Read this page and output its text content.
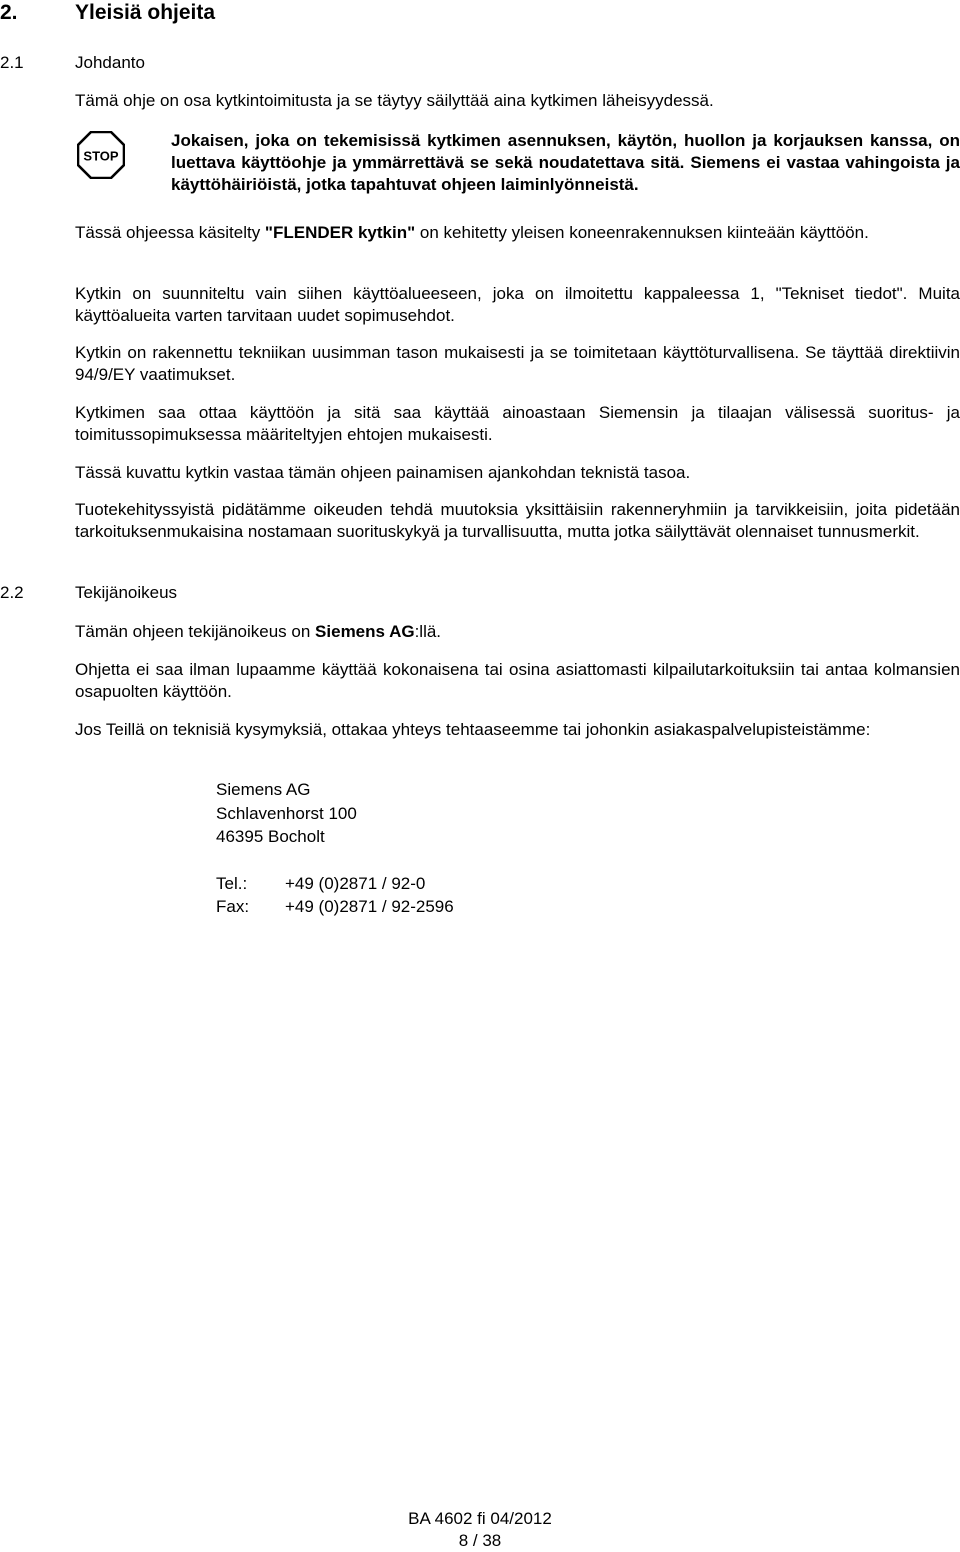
2.	Yleisiä ohjeita
2.1	Johdanto

Tämä ohje on osa kytkintoimitusta ja se täytyy säilyttää aina kytkimen läheisyydessä.

STOP

Jokaisen, joka on tekemisissä kytkimen asennuksen, käytön, huollon ja korjauksen kanssa, on luettava käyttöohje ja ymmärrettävä se sekä noudatettava sitä. Siemens ei vastaa vahingoista ja käyttöhäiriöistä, jotka tapahtuvat ohjeen laiminlyönneistä.

Tässä ohjeessa käsitelty "FLENDER kytkin" on kehitetty yleisen koneenrakennuksen kiinteään käyttöön.

Kytkin on suunniteltu vain siihen käyttöalueeseen, joka on ilmoitettu kappaleessa 1, "Tekniset tiedot". Muita käyttöalueita varten tarvitaan uudet sopimusehdot.

Kytkin on rakennettu tekniikan uusimman tason mukaisesti ja se toimitetaan käyttöturvallisena. Se täyttää direktiivin 94/9/EY vaatimukset.

Kytkimen saa ottaa käyttöön ja sitä saa käyttää ainoastaan Siemensin ja tilaajan välisessä suoritus- ja toimitussopimuksessa määriteltyjen ehtojen mukaisesti.

Tässä kuvattu kytkin vastaa tämän ohjeen painamisen ajankohdan teknistä tasoa.

Tuotekehityssyistä pidätämme oikeuden tehdä muutoksia yksittäisiin rakenneryhmiin ja tarvikkeisiin, joita pidetään tarkoituksenmukaisina nostamaan suorituskykyä ja turvallisuutta, mutta jotka säilyttävät olennaiset tunnusmerkit.

2.2	Tekijänoikeus

Tämän ohjeen tekijänoikeus on Siemens AG:llä.

Ohjetta ei saa ilman lupaamme käyttää kokonaisena tai osina asiattomasti kilpailutarkoituksiin tai antaa kolmansien osapuolten käyttöön.

Jos Teillä on teknisiä kysymyksiä, ottakaa yhteys tehtaaseemme tai johonkin asiakaspalvelupisteistämme:

Siemens AG
Schlavenhorst 100
46395 Bocholt
Tel.:	+49 (0)2871 / 92-0
Fax:	+49 (0)2871 / 92-2596
BA 4602 fi 04/2012
8 / 38
